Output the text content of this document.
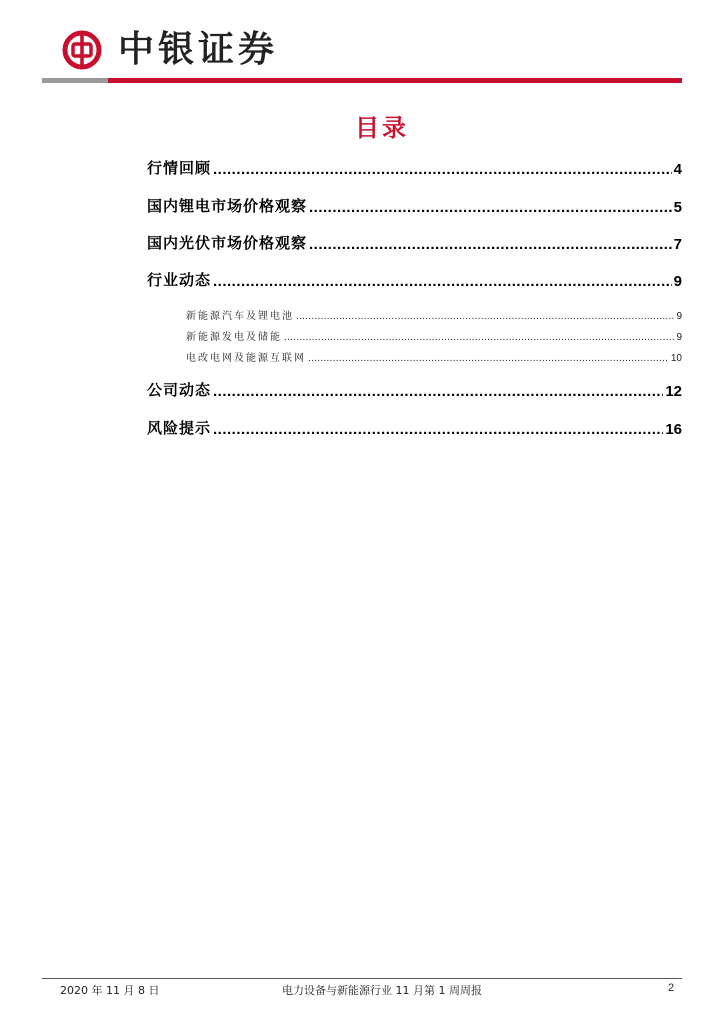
中银证券
目录
行情回顾 .....	4
国内锂电市场价格观察 .....	5
国内光伏市场价格观察 .....	7
行业动态 .....	9
新能源汽车及锂电池 .....	9
新能源发电及储能 .....	9
电改电网及能源互联网 .....	10
公司动态 .....	12
风险提示 .....	16
2020 年 11 月 8 日	电力设备与新能源行业 11 月第 1 周周报	2
